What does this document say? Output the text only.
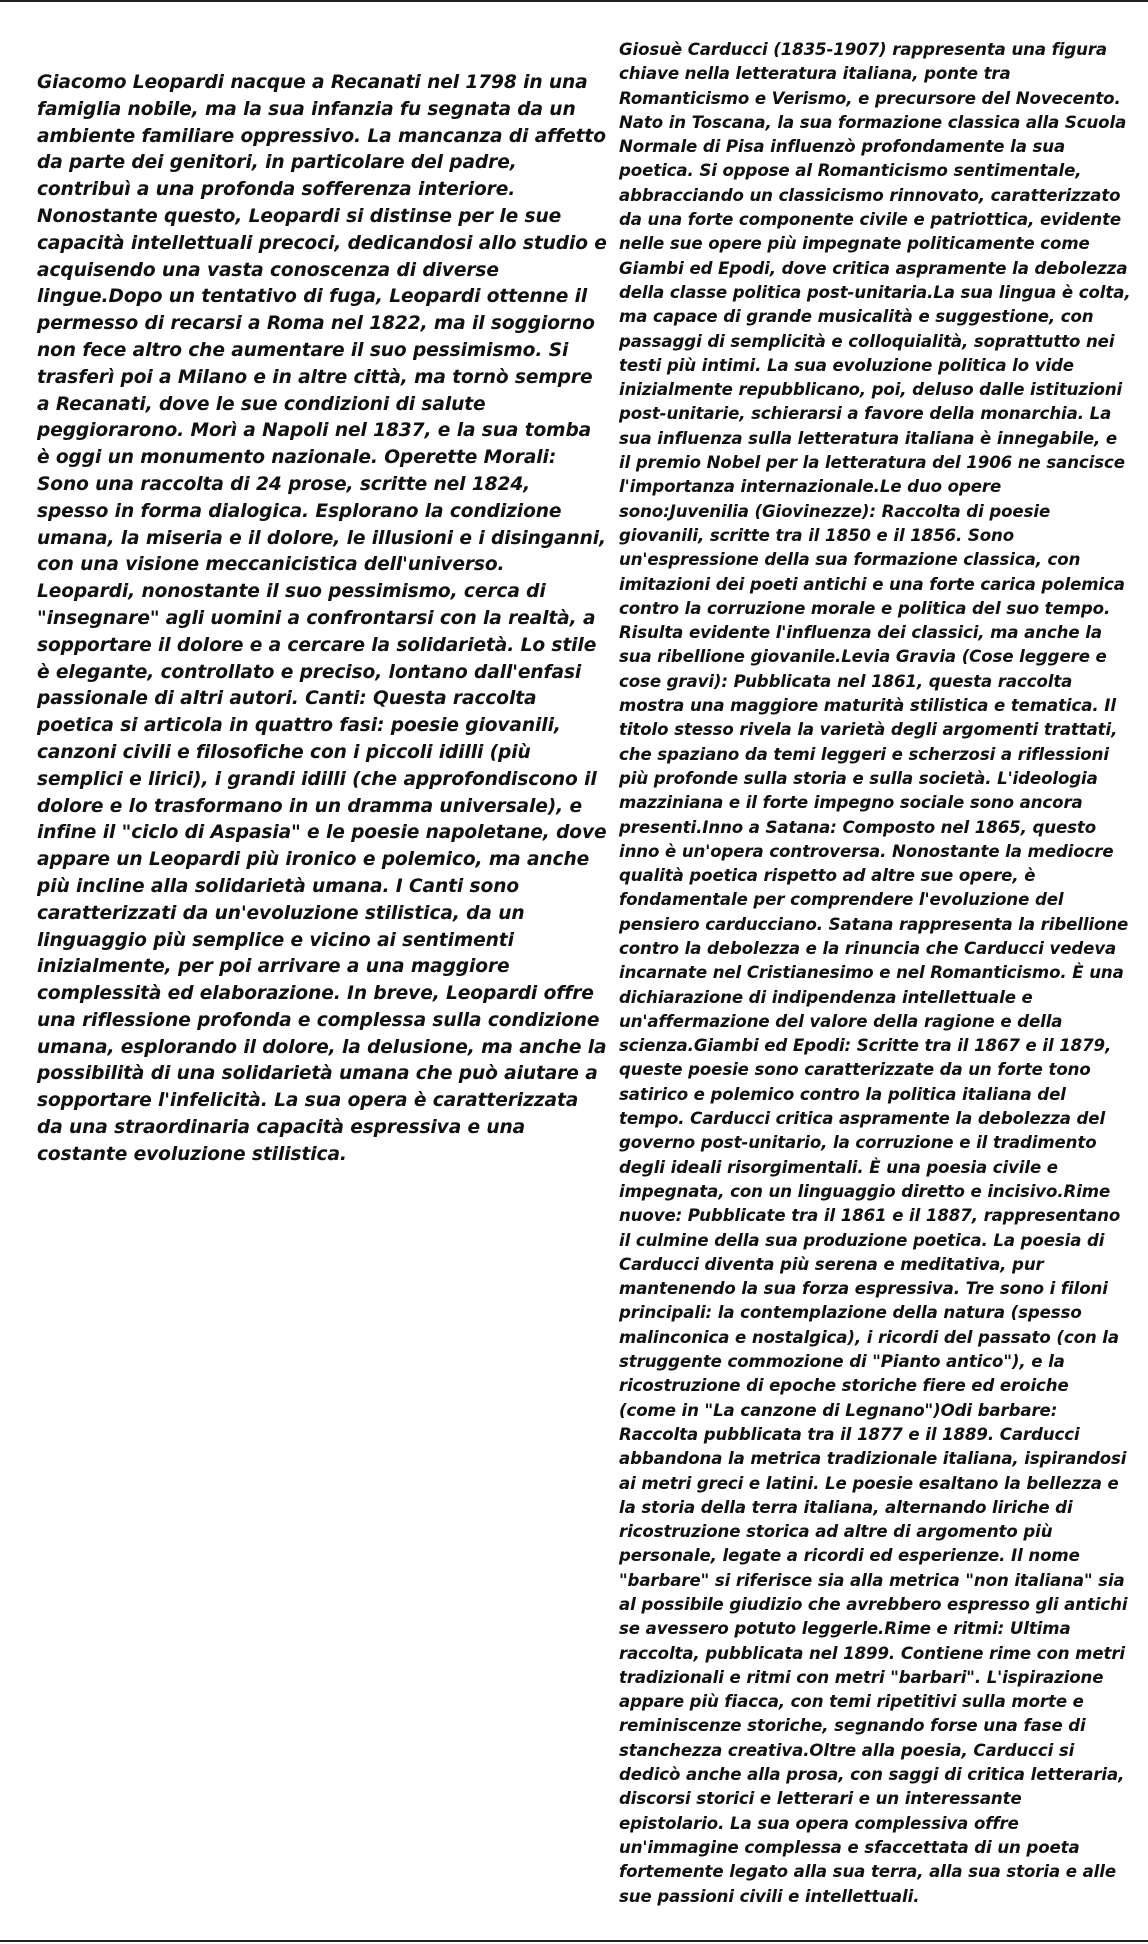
Giacomo Leopardi nacque a Recanati nel 1798 in una famiglia nobile, ma la sua infanzia fu segnata da un ambiente familiare oppressivo. La mancanza di affetto da parte dei genitori, in particolare del padre, contribuì a una profonda sofferenza interiore. Nonostante questo, Leopardi si distinse per le sue capacità intellettuali precoci, dedicandosi allo studio e acquisendo una vasta conoscenza di diverse lingue.Dopo un tentativo di fuga, Leopardi ottenne il permesso di recarsi a Roma nel 1822, ma il soggiorno non fece altro che aumentare il suo pessimismo. Si trasferì poi a Milano e in altre città, ma tornò sempre a Recanati, dove le sue condizioni di salute peggiorarono. Morì a Napoli nel 1837, e la sua tomba è oggi un monumento nazionale. Operette Morali: Sono una raccolta di 24 prose, scritte nel 1824, spesso in forma dialogica. Esplorano la condizione umana, la miseria e il dolore, le illusioni e i disinganni, con una visione meccanicistica dell'universo. Leopardi, nonostante il suo pessimismo, cerca di "insegnare" agli uomini a confrontarsi con la realtà, a sopportare il dolore e a cercare la solidarietà. Lo stile è elegante, controllato e preciso, lontano dall'enfasi passionale di altri autori. Canti: Questa raccolta poetica si articola in quattro fasi: poesie giovanili, canzoni civili e filosofiche con i piccoli idilli (più semplici e lirici), i grandi idilli (che approfondiscono il dolore e lo trasformano in un dramma universale), e infine il "ciclo di Aspasia" e le poesie napoletane, dove appare un Leopardi più ironico e polemico, ma anche più incline alla solidarietà umana. I Canti sono caratterizzati da un'evoluzione stilistica, da un linguaggio più semplice e vicino ai sentimenti inizialmente, per poi arrivare a una maggiore complessità ed elaborazione. In breve, Leopardi offre una riflessione profonda e complessa sulla condizione umana, esplorando il dolore, la delusione, ma anche la possibilità di una solidarietà umana che può aiutare a sopportare l'infelicità. La sua opera è caratterizzata da una straordinaria capacità espressiva e una costante evoluzione stilistica.
Giosuè Carducci (1835-1907) rappresenta una figura chiave nella letteratura italiana, ponte tra Romanticismo e Verismo, e precursore del Novecento. Nato in Toscana, la sua formazione classica alla Scuola Normale di Pisa influenzò profondamente la sua poetica. Si oppose al Romanticismo sentimentale, abbracciando un classicismo rinnovato, caratterizzato da una forte componente civile e patriottica, evidente nelle sue opere più impegnate politicamente come Giambi ed Epodi, dove critica aspramente la debolezza della classe politica post-unitaria.La sua lingua è colta, ma capace di grande musicalità e suggestione, con passaggi di semplicità e colloquialità, soprattutto nei testi più intimi. La sua evoluzione politica lo vide inizialmente repubblicano, poi, deluso dalle istituzioni post-unitarie, schierarsi a favore della monarchia. La sua influenza sulla letteratura italiana è innegabile, e il premio Nobel per la letteratura del 1906 ne sancisce l'importanza internazionale.Le duo opere sono:Juvenilia (Giovinezze): Raccolta di poesie giovanili, scritte tra il 1850 e il 1856. Sono un'espressione della sua formazione classica, con imitazioni dei poeti antichi e una forte carica polemica contro la corruzione morale e politica del suo tempo. Risulta evidente l'influenza dei classici, ma anche la sua ribellione giovanile.Levia Gravia (Cose leggere e cose gravi): Pubblicata nel 1861, questa raccolta mostra una maggiore maturità stilistica e tematica. Il titolo stesso rivela la varietà degli argomenti trattati, che spaziano da temi leggeri e scherzosi a riflessioni più profonde sulla storia e sulla società. L'ideologia mazziniana e il forte impegno sociale sono ancora presenti.Inno a Satana: Composto nel 1865, questo inno è un'opera controversa. Nonostante la mediocre qualità poetica rispetto ad altre sue opere, è fondamentale per comprendere l'evoluzione del pensiero carducciano. Satana rappresenta la ribellione contro la debolezza e la rinuncia che Carducci vedeva incarnate nel Cristianesimo e nel Romanticismo. È una dichiarazione di indipendenza intellettuale e un'affermazione del valore della ragione e della scienza.Giambi ed Epodi: Scritte tra il 1867 e il 1879, queste poesie sono caratterizzate da un forte tono satirico e polemico contro la politica italiana del tempo. Carducci critica aspramente la debolezza del governo post-unitario, la corruzione e il tradimento degli ideali risorgimentali. È una poesia civile e impegnata, con un linguaggio diretto e incisivo.Rime nuove: Pubblicate tra il 1861 e il 1887, rappresentano il culmine della sua produzione poetica. La poesia di Carducci diventa più serena e meditativa, pur mantenendo la sua forza espressiva. Tre sono i filoni principali: la contemplazione della natura (spesso malinconica e nostalgica), i ricordi del passato (con la struggente commozione di "Pianto antico"), e la ricostruzione di epoche storiche fiere ed eroiche (come in "La canzone di Legnano")Odi barbare: Raccolta pubblicata tra il 1877 e il 1889. Carducci abbandona la metrica tradizionale italiana, ispirandosi ai metri greci e latini. Le poesie esaltano la bellezza e la storia della terra italiana, alternando liriche di ricostruzione storica ad altre di argomento più personale, legate a ricordi ed esperienze. Il nome "barbare" si riferisce sia alla metrica "non italiana" sia al possibile giudizio che avrebbero espresso gli antichi se avessero potuto leggerle.Rime e ritmi: Ultima raccolta, pubblicata nel 1899. Contiene rime con metri tradizionali e ritmi con metri "barbari". L'ispirazione appare più fiacca, con temi ripetitivi sulla morte e reminiscenze storiche, segnando forse una fase di stanchezza creativa.Oltre alla poesia, Carducci si dedicò anche alla prosa, con saggi di critica letteraria, discorsi storici e letterari e un interessante epistolario. La sua opera complessiva offre un'immagine complessa e sfaccettata di un poeta fortemente legato alla sua terra, alla sua storia e alle sue passioni civili e intellettuali.
